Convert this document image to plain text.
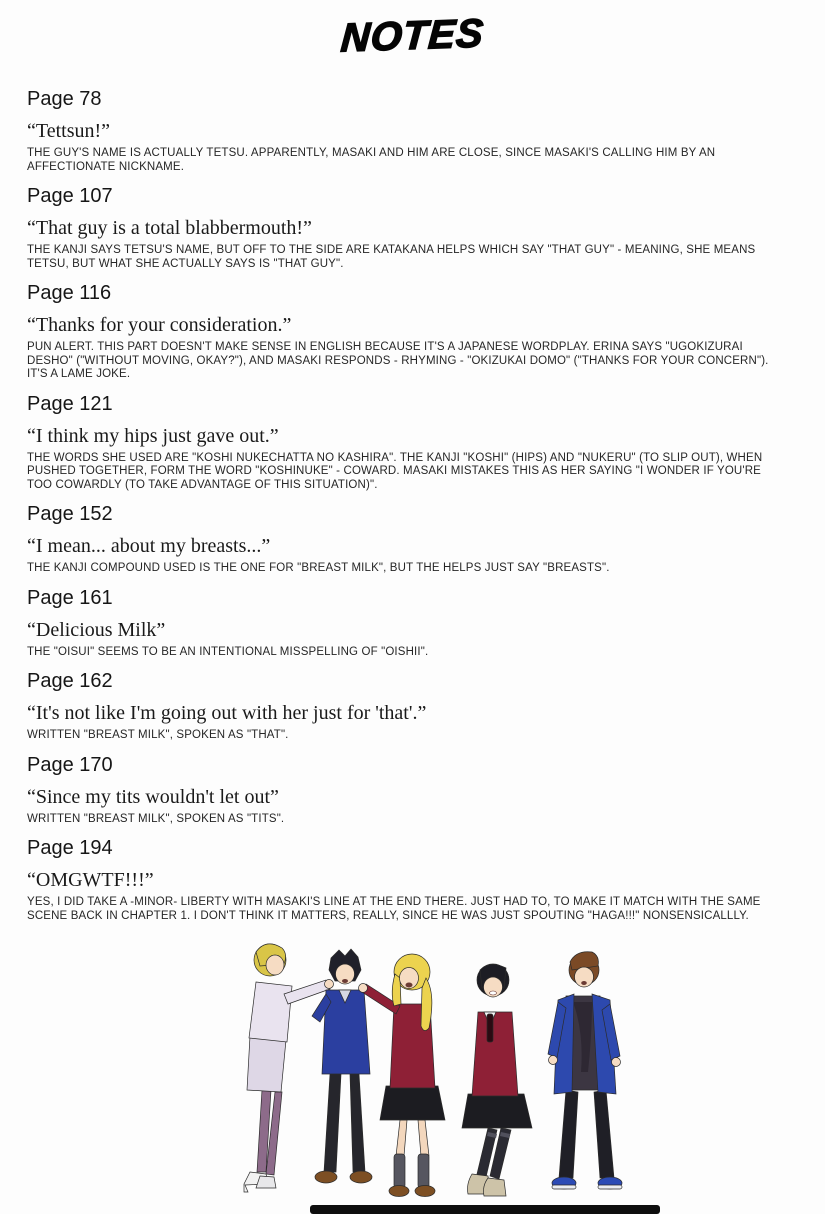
NOTES
Page 78

“Tettsun!”

THE GUY'S NAME IS ACTUALLY TETSU. APPARENTLY, MASAKI AND HIM ARE CLOSE, SINCE MASAKI'S CALLING HIM BY AN AFFECTIONATE NICKNAME.

Page 107

“That guy is a total blabbermouth!”

THE KANJI SAYS TETSU'S NAME, BUT OFF TO THE SIDE ARE KATAKANA HELPS WHICH SAY "THAT GUY" - MEANING, SHE MEANS TETSU, BUT WHAT SHE ACTUALLY SAYS IS "THAT GUY".

Page 116

“Thanks for your consideration.”

PUN ALERT. THIS PART DOESN'T MAKE SENSE IN ENGLISH BECAUSE IT'S A JAPANESE WORDPLAY. ERINA SAYS "UGOKIZURAI DESHO" ("WITHOUT MOVING, OKAY?"), AND MASAKI RESPONDS - RHYMING - "OKIZUKAI DOMO" ("THANKS FOR YOUR CONCERN"). IT'S A LAME JOKE.

Page 121

“I think my hips just gave out.”

THE WORDS SHE USED ARE "KOSHI NUKECHATTA NO KASHIRA". THE KANJI "KOSHI" (HIPS) AND "NUKERU" (TO SLIP OUT), WHEN PUSHED TOGETHER, FORM THE WORD "KOSHINUKE" - COWARD. MASAKI MISTAKES THIS AS HER SAYING "I WONDER IF YOU'RE TOO COWARDLY (TO TAKE ADVANTAGE OF THIS SITUATION)".

Page 152

“I mean... about my breasts...”

THE KANJI COMPOUND USED IS THE ONE FOR "BREAST MILK", BUT THE HELPS JUST SAY "BREASTS".

Page 161

“Delicious Milk”

THE "OISUI" SEEMS TO BE AN INTENTIONAL MISSPELLING OF "OISHII".

Page 162

“It's not like I'm going out with her just for 'that'.”

WRITTEN "BREAST MILK", SPOKEN AS "THAT".

Page 170

“Since my tits wouldn't let out”

WRITTEN "BREAST MILK", SPOKEN AS "TITS".

Page 194

“OMGWTF!!!”

YES, I DID TAKE A -MINOR- LIBERTY WITH MASAKI'S LINE AT THE END THERE. JUST HAD TO, TO MAKE IT MATCH WITH THE SAME SCENE BACK IN CHAPTER 1. I DON'T THINK IT MATTERS, REALLY, SINCE HE WAS JUST SPOUTING "HAGA!!!" NONSENSICALLLY.
